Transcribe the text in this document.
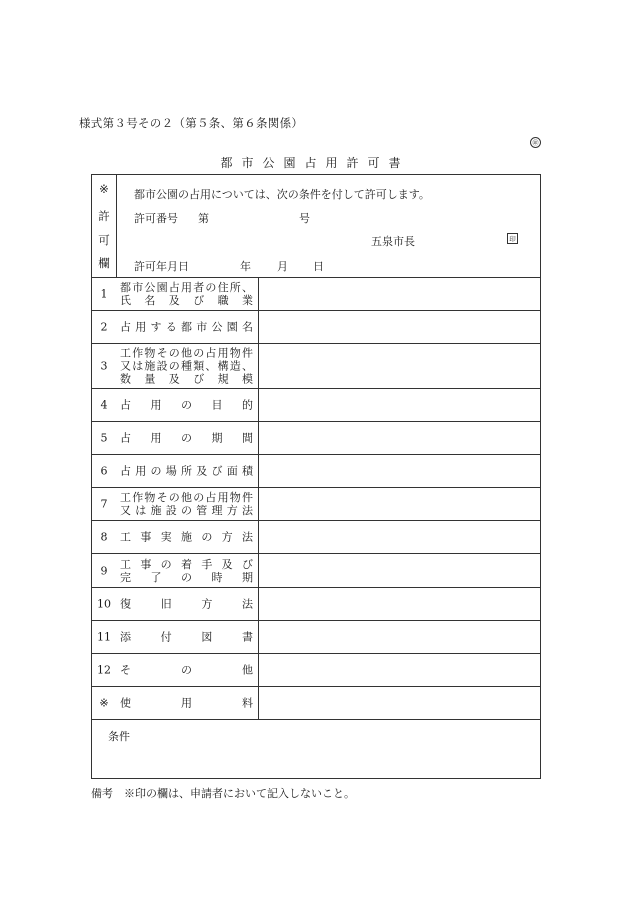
様式第３号その２（第５条、第６条関係）
㊞
都市公園占用許可書
※
許
可
欄
都市公園の占用については、次の条件を付して許可します。
許可番号 第	号
五泉市長	印
許可年月日	年 月 日
1	都市公園占用者の住所、
氏名及び職業
2	占用する都市公園名
3
工作物その他の占用物件
又は施設の種類、構造、
数量及び規模
4	占用の目的
5	占用の期間
6	占用の場所及び面積
7	工作物その他の占用物件
又は施設の管理方法
8	工事実施の方法
9	工事の着手及び
完了の時期
10 復旧方法
11 添付図書
12 その他
※	使用料
条件
備考　※印の欄は、申請者において記入しないこと。
